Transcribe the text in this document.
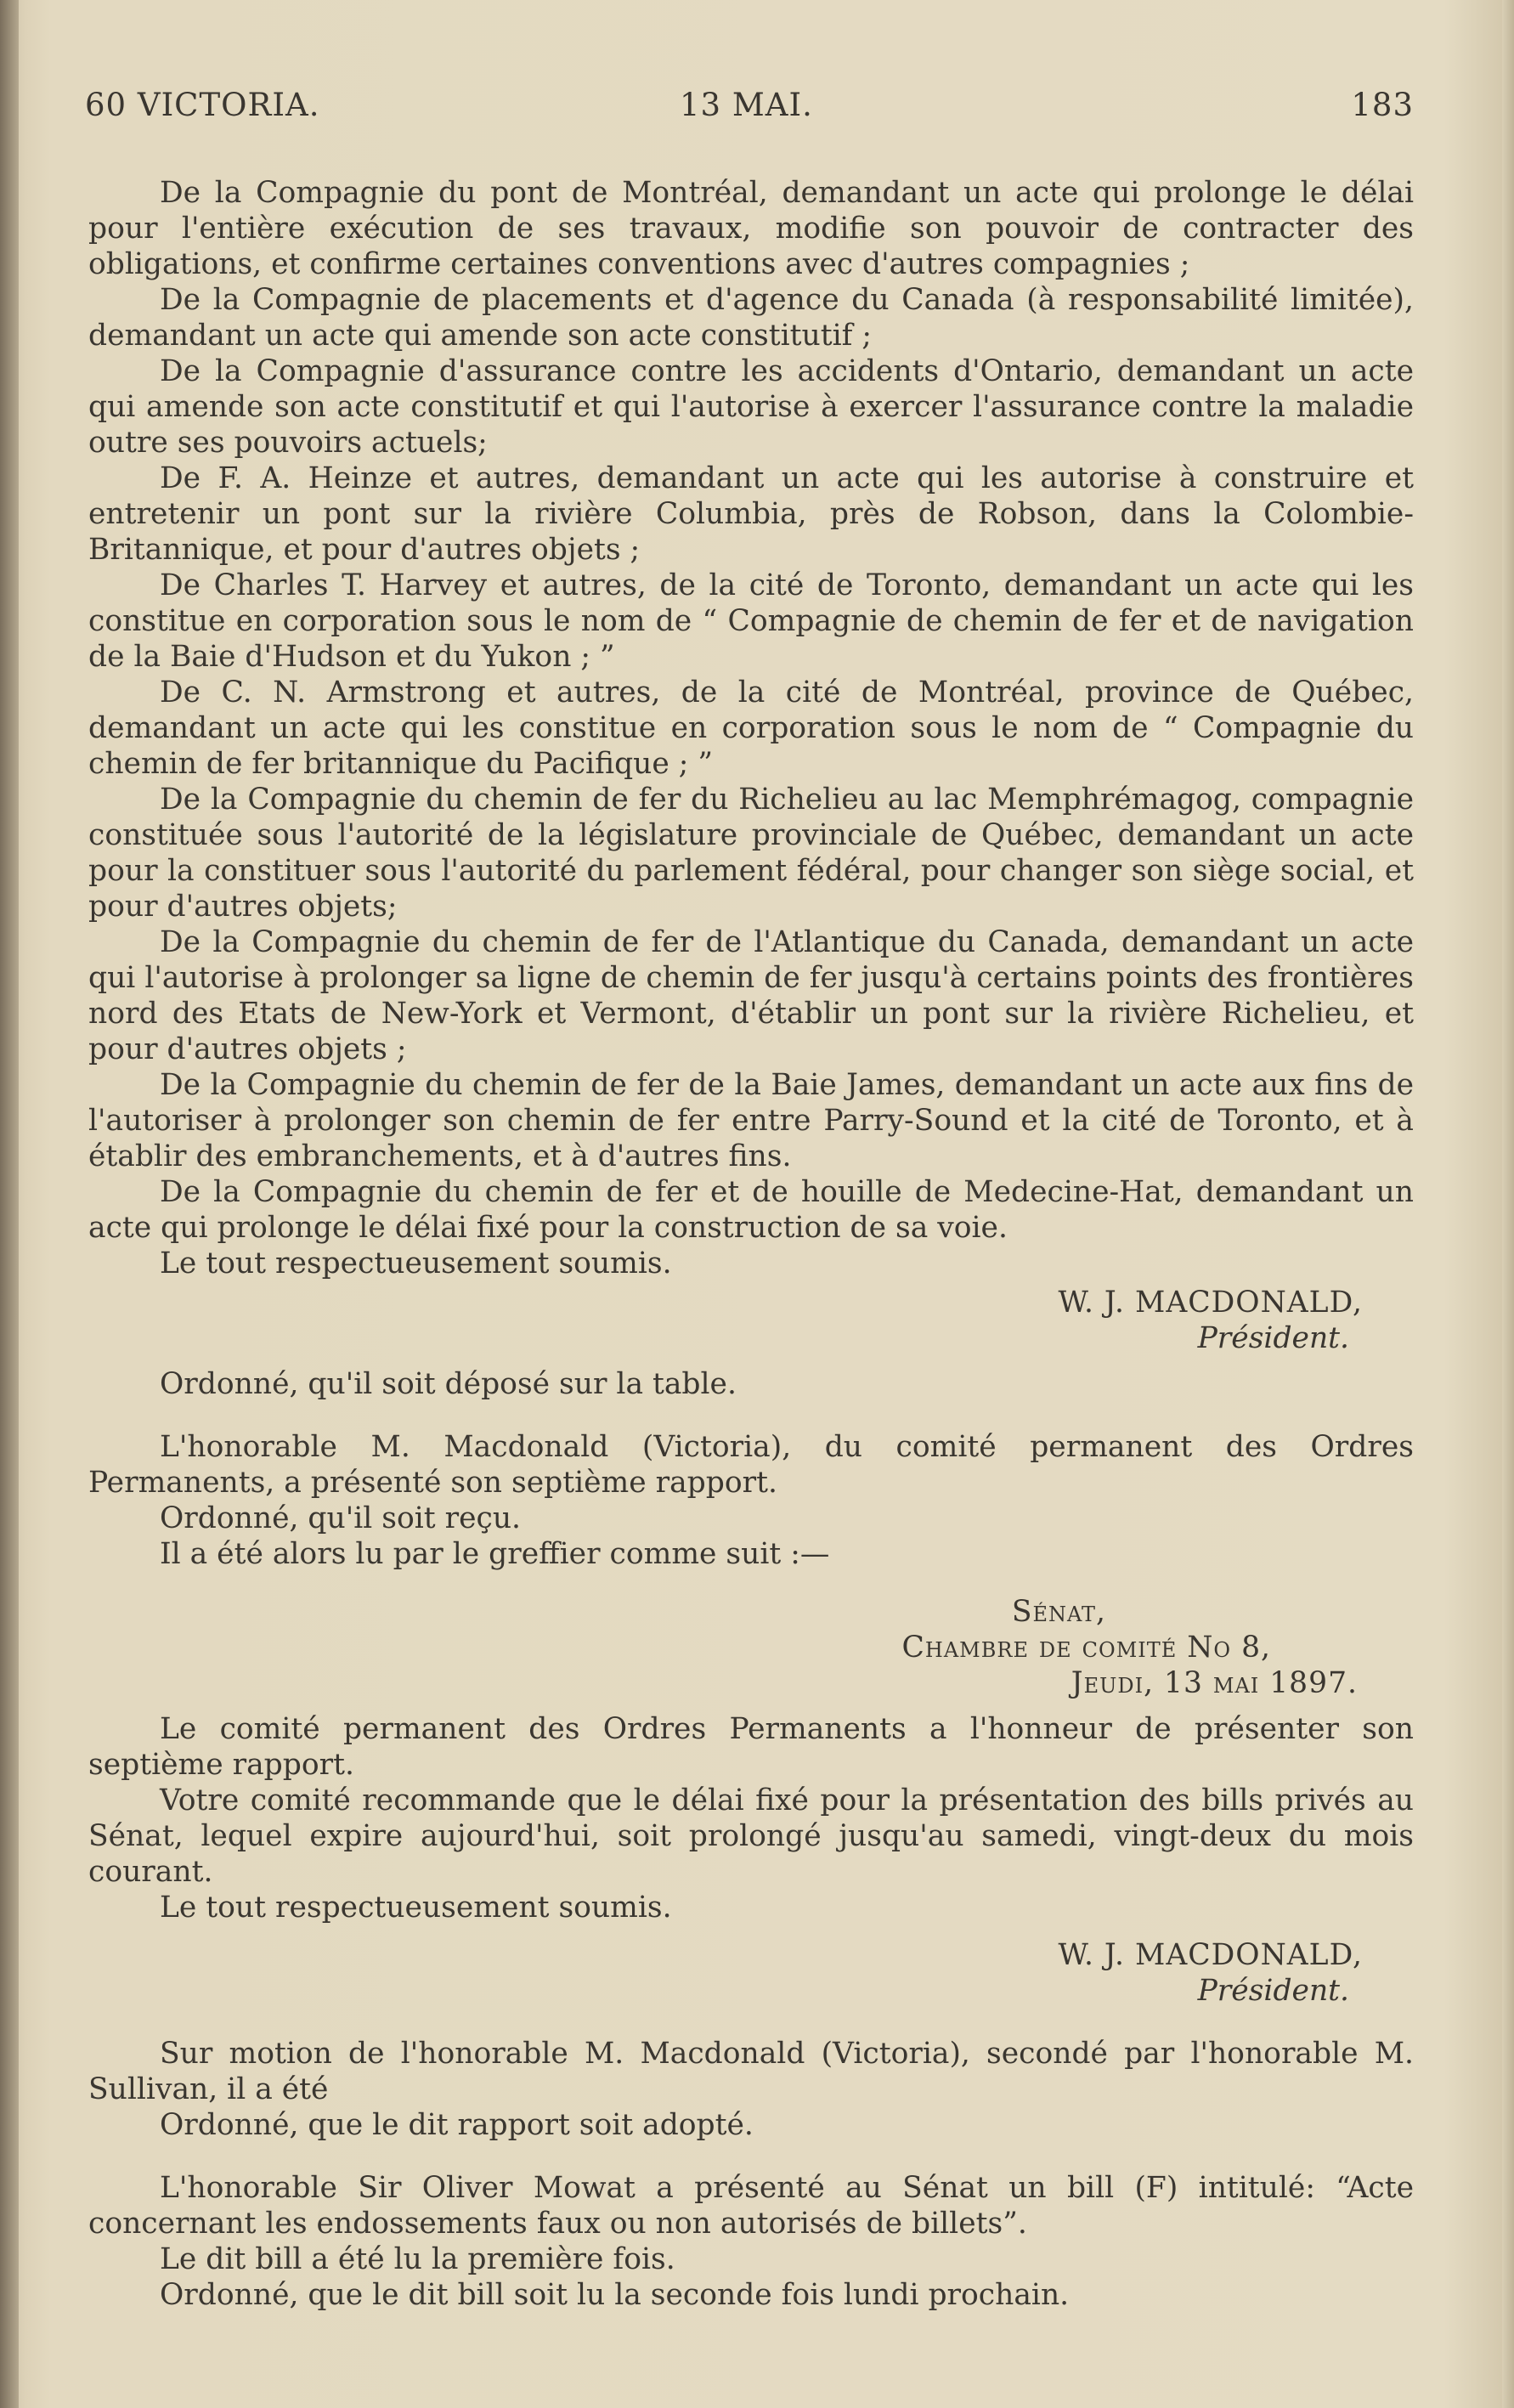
60 VICTORIA.	13 MAI.	183

De la Compagnie du pont de Montréal, demandant un acte qui prolonge le délai pour l'entière exécution de ses travaux, modifie son pouvoir de contracter des obligations, et confirme certaines conventions avec d'autres compagnies ;

De la Compagnie de placements et d'agence du Canada (à responsabilité limitée), demandant un acte qui amende son acte constitutif ;

De la Compagnie d'assurance contre les accidents d'Ontario, demandant un acte qui amende son acte constitutif et qui l'autorise à exercer l'assurance contre la maladie outre ses pouvoirs actuels;

De F. A. Heinze et autres, demandant un acte qui les autorise à construire et entretenir un pont sur la rivière Columbia, près de Robson, dans la Colombie-Britannique, et pour d'autres objets ;

De Charles T. Harvey et autres, de la cité de Toronto, demandant un acte qui les constitue en corporation sous le nom de “ Compagnie de chemin de fer et de navigation de la Baie d'Hudson et du Yukon ; ”

De C. N. Armstrong et autres, de la cité de Montréal, province de Québec, demandant un acte qui les constitue en corporation sous le nom de “ Compagnie du chemin de fer britannique du Pacifique ; ”

De la Compagnie du chemin de fer du Richelieu au lac Memphrémagog, compagnie constituée sous l'autorité de la législature provinciale de Québec, demandant un acte pour la constituer sous l'autorité du parlement fédéral, pour changer son siège social, et pour d'autres objets;

De la Compagnie du chemin de fer de l'Atlantique du Canada, demandant un acte qui l'autorise à prolonger sa ligne de chemin de fer jusqu'à certains points des frontières nord des Etats de New-York et Vermont, d'établir un pont sur la rivière Richelieu, et pour d'autres objets ;

De la Compagnie du chemin de fer de la Baie James, demandant un acte aux fins de l'autoriser à prolonger son chemin de fer entre Parry-Sound et la cité de Toronto, et à établir des embranchements, et à d'autres fins.

De la Compagnie du chemin de fer et de houille de Medecine-Hat, demandant un acte qui prolonge le délai fixé pour la construction de sa voie.

Le tout respectueusement soumis.

W. J. MACDONALD,
Président.

Ordonné, qu'il soit déposé sur la table.

L'honorable M. Macdonald (Victoria), du comité permanent des Ordres Permanents, a présenté son septième rapport.

Ordonné, qu'il soit reçu.

Il a été alors lu par le greffier comme suit :—

Sénat,
Chambre de comité No 8,
Jeudi, 13 mai 1897.

Le comité permanent des Ordres Permanents a l'honneur de présenter son septième rapport.

Votre comité recommande que le délai fixé pour la présentation des bills privés au Sénat, lequel expire aujourd'hui, soit prolongé jusqu'au samedi, vingt-deux du mois courant.

Le tout respectueusement soumis.

W. J. MACDONALD,
Président.

Sur motion de l'honorable M. Macdonald (Victoria), secondé par l'honorable M. Sullivan, il a été

Ordonné, que le dit rapport soit adopté.

L'honorable Sir Oliver Mowat a présenté au Sénat un bill (F) intitulé: “Acte concernant les endossements faux ou non autorisés de billets”.

Le dit bill a été lu la première fois.

Ordonné, que le dit bill soit lu la seconde fois lundi prochain.
